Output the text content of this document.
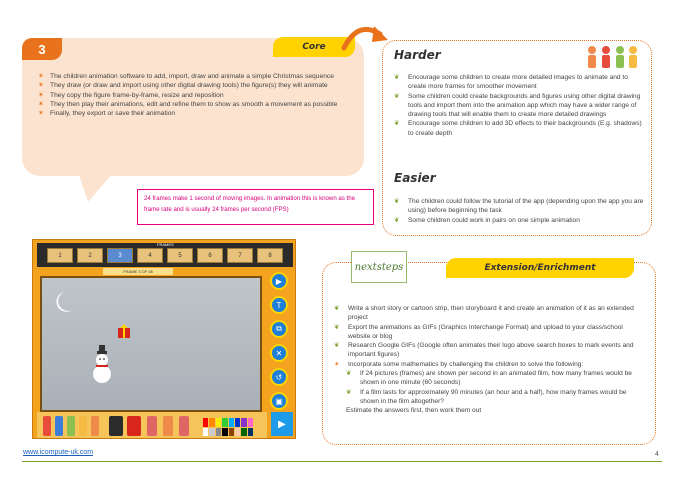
3	Core
✶ The children animation software to add, import, draw and animate a simple Christmas sequence
✶ They draw (or draw and import using other digital drawing tools) the figure(s) they will animate
✶ They copy the figure frame-by-frame, resize and reposition
✶ They then play their animations, edit and refine them to show as smooth a movement as possible
✶ Finally, they export or save their animation
Harder
❦ Encourage some children to create more detailed images to animate and to create more frames for smoother movement
❦ Some children could create backgrounds and figures using other digital drawing tools and import them into the animation app which may have a wider range of drawing tools that will enable them to create more detailed drawings
❦ Encourage some children to add 3D effects to their backgrounds (E.g. shadows) to create depth
Easier
❦ The children could follow the tutorial of the app (depending upon the app you are using) before beginning the task
❦ Some children could work in pairs on one simple animation
24 frames make 1 second of moving images. In animation this is known as the frame rate and is usually 24 frames per second (FPS)
FRAMES
1	2	3	4	5	6	7	8
FRAME 3 OF 08
▶
T
⧉
✕
↺
▣
▶
nextsteps	Extension/Enrichment
❦ Write a short story or cartoon strip, then storyboard it and create an animation of it as an extended project
❦ Export the animations as GIFs (Graphics Interchange Format) and upload to your class/school website or blog
❦ Research Google GIFs (Google often animates their logo above search boxes to mark events and important figures)
✶ Incorporate some mathematics by challenging the children to solve the following:
❦ If 24 pictures (frames) are shown per second in an animated film, how many frames would be shown in one minute (60 seconds)
❦ If a film lasts for approximately 90 minutes (an hour and a half), how many frames would be shown in the film altogether?
Estimate the answers first, then work them out
www.icompute-uk.com	4
